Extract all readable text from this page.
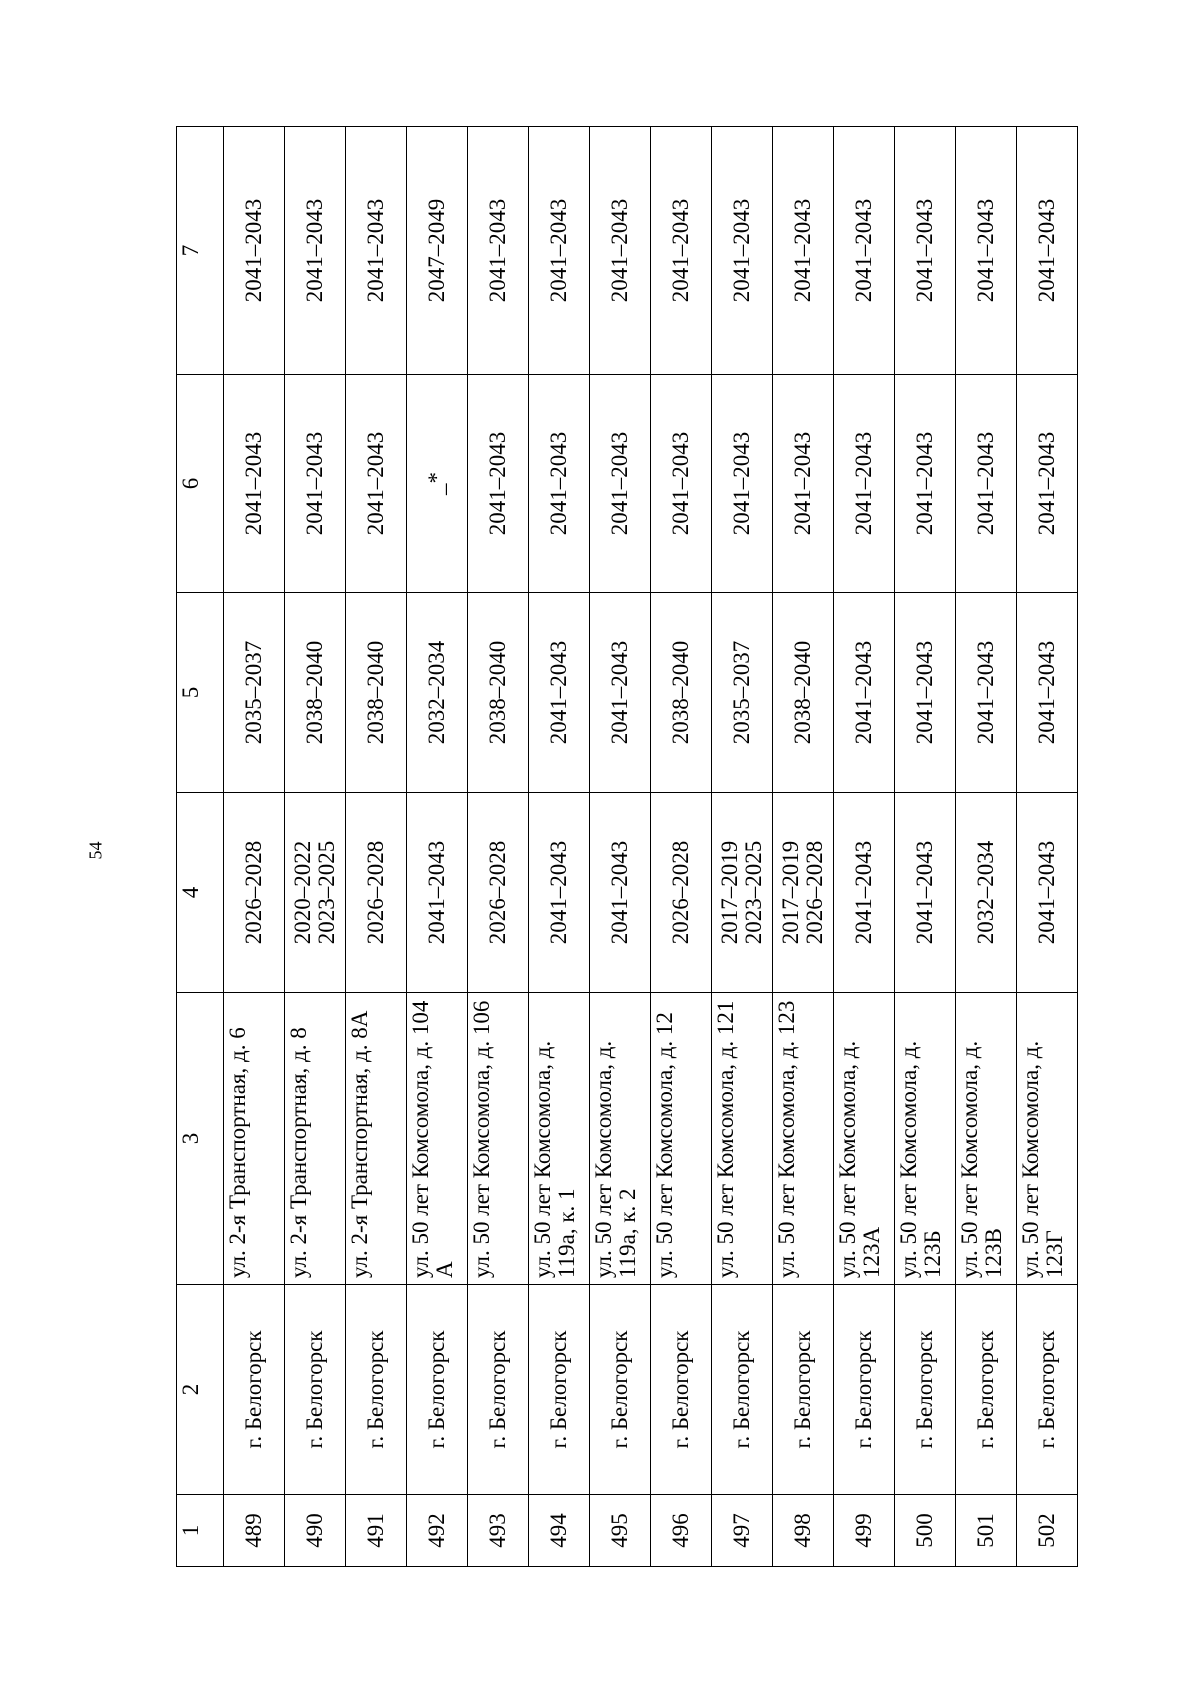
54
1	2	3	4	5	6	7
489	г. Белогорск	ул. 2-я Транспортная, д. 6	2026–2028	2035–2037	2041–2043	2041–2043
490	г. Белогорск	ул. 2-я Транспортная, д. 8	2020–2022 2023–2025	2038–2040	2041–2043	2041–2043
491	г. Белогорск	ул. 2-я Транспортная, д. 8А	2026–2028	2038–2040	2041–2043	2041–2043
492	г. Белогорск	ул. 50 лет Комсомола, д. 104 А	2041–2043	2032–2034	_*	2047–2049
493	г. Белогорск	ул. 50 лет Комсомола, д. 106	2026–2028	2038–2040	2041–2043	2041–2043
494	г. Белогорск	ул. 50 лет Комсомола, д. 119а, к. 1	2041–2043	2041–2043	2041–2043	2041–2043
495	г. Белогорск	ул. 50 лет Комсомола, д. 119а, к. 2	2041–2043	2041–2043	2041–2043	2041–2043
496	г. Белогорск	ул. 50 лет Комсомола, д. 12	2026–2028	2038–2040	2041–2043	2041–2043
497	г. Белогорск	ул. 50 лет Комсомола, д. 121	2017–2019 2023–2025	2035–2037	2041–2043	2041–2043
498	г. Белогорск	ул. 50 лет Комсомола, д. 123	2017–2019 2026–2028	2038–2040	2041–2043	2041–2043
499	г. Белогорск	ул. 50 лет Комсомола, д. 123А	2041–2043	2041–2043	2041–2043	2041–2043
500	г. Белогорск	ул. 50 лет Комсомола, д. 123Б	2041–2043	2041–2043	2041–2043	2041–2043
501	г. Белогорск	ул. 50 лет Комсомола, д. 123В	2032–2034	2041–2043	2041–2043	2041–2043
502	г. Белогорск	ул. 50 лет Комсомола, д. 123Г	2041–2043	2041–2043	2041–2043	2041–2043
